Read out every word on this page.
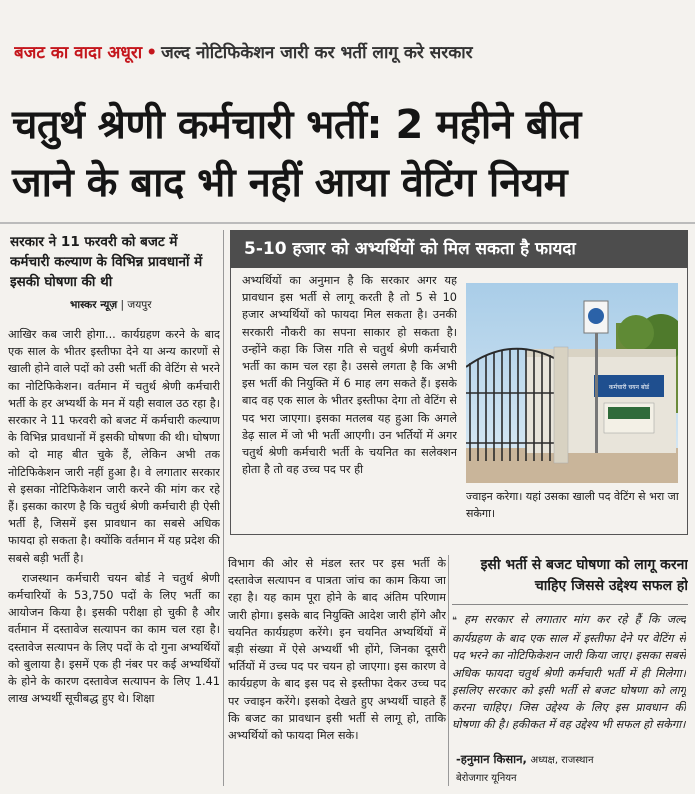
बजट का वादा अधूरा • जल्द नोटिफिकेशन जारी कर भर्ती लागू करे सरकार
चतुर्थ श्रेणी कर्मचारी भर्ती: 2 महीने बीत
जाने के बाद भी नहीं आया वेटिंग नियम
सरकार ने 11 फरवरी को बजट में कर्मचारी कल्याण के विभिन्न प्रावधानों में इसकी घोषणा की थी
भास्कर न्यूज़ | जयपुर

आखिर कब जारी होगा... कार्यग्रहण करने के बाद एक साल के भीतर इस्तीफा देने या अन्य कारणों से खाली होने वाले पदों को उसी भर्ती की वेटिंग से भरने का नोटिफिकेशन। वर्तमान में चतुर्थ श्रेणी कर्मचारी भर्ती के हर अभ्यर्थी के मन में यही सवाल उठ रहा है। सरकार ने 11 फरवरी को बजट में कर्मचारी कल्याण के विभिन्न प्रावधानों में इसकी घोषणा की थी। घोषणा को दो माह बीत चुके हैं, लेकिन अभी तक नोटिफिकेशन जारी नहीं हुआ है। वे लगातार सरकार से इसका नोटिफिकेशन जारी करने की मांग कर रहे हैं। इसका कारण है कि चतुर्थ श्रेणी कर्मचारी ही ऐसी भर्ती है, जिसमें इस प्रावधान का सबसे अधिक फायदा हो सकता है। क्योंकि वर्तमान में यह प्रदेश की सबसे बड़ी भर्ती है।

राजस्थान कर्मचारी चयन बोर्ड ने चतुर्थ श्रेणी कर्मचारियों के 53,750 पदों के लिए भर्ती का आयोजन किया है। इसकी परीक्षा हो चुकी है और वर्तमान में दस्तावेज सत्यापन का काम चल रहा है। दस्तावेज सत्यापन के लिए पदों के दो गुना अभ्यर्थियों को बुलाया है। इसमें एक ही नंबर पर कई अभ्यर्थियों के होने के कारण दस्तावेज सत्यापन के लिए 1.41 लाख अभ्यर्थी सूचीबद्ध हुए थे। शिक्षा

5-10 हजार को अभ्यर्थियों को मिल सकता है फायदा
अभ्यर्थियों का अनुमान है कि सरकार अगर यह प्रावधान इस भर्ती से लागू करती है तो 5 से 10 हजार अभ्यर्थियों को फायदा मिल सकता है। उनकी सरकारी नौकरी का सपना साकार हो सकता है। उन्होंने कहा कि जिस गति से चतुर्थ श्रेणी कर्मचारी भर्ती का काम चल रहा है। उससे लगता है कि अभी इस भर्ती की नियुक्ति में 6 माह लग सकते हैं। इसके बाद वह एक साल के भीतर इस्तीफा देगा तो वेटिंग से पद भरा जाएगा। इसका मतलब यह हुआ कि अगले डेढ़ साल में जो भी भर्ती आएगी। उन भर्तियों में अगर चतुर्थ श्रेणी कर्मचारी भर्ती के चयनित का सलेक्शन होता है तो वह उच्च पद पर ही
कर्मचारी चयन बोर्ड
ज्वाइन करेगा। यहां उसका खाली पद वेटिंग से भरा जा सकेगा।

विभाग की ओर से मंडल स्तर पर इस भर्ती के दस्तावेज सत्यापन व पात्रता जांच का काम किया जा रहा है। यह काम पूरा होने के बाद अंतिम परिणाम जारी होगा। इसके बाद नियुक्ति आदेश जारी होंगे और चयनित कार्यग्रहण करेंगे। इन चयनित अभ्यर्थियों में बड़ी संख्या में ऐसे अभ्यर्थी भी होंगे, जिनका दूसरी भर्तियों में उच्च पद पर चयन हो जाएगा। इस कारण वे कार्यग्रहण के बाद इस पद से इस्तीफा देकर उच्च पद पर ज्वाइन करेंगे। इसको देखते हुए अभ्यर्थी चाहते हैं कि बजट का प्रावधान इसी भर्ती से लागू हो, ताकि अभ्यर्थियों को फायदा मिल सके।

इसी भर्ती से बजट घोषणा को लागू करना चाहिए जिससे उद्देश्य सफल हो
❝ हम सरकार से लगातार मांग कर रहे हैं कि जल्द कार्यग्रहण के बाद एक साल में इस्तीफा देने पर वेटिंग से पद भरने का नोटिफिकेशन जारी किया जाए। इसका सबसे अधिक फायदा चतुर्थ श्रेणी कर्मचारी भर्ती में ही मिलेगा। इसलिए सरकार को इसी भर्ती से बजट घोषणा को लागू करना चाहिए। जिस उद्देश्य के लिए इस प्रावधान की घोषणा की है। हकीकत में वह उद्देश्य भी सफल हो सकेगा।
-हनुमान किसान, अध्यक्ष, राजस्थान
बेरोजगार यूनियन
